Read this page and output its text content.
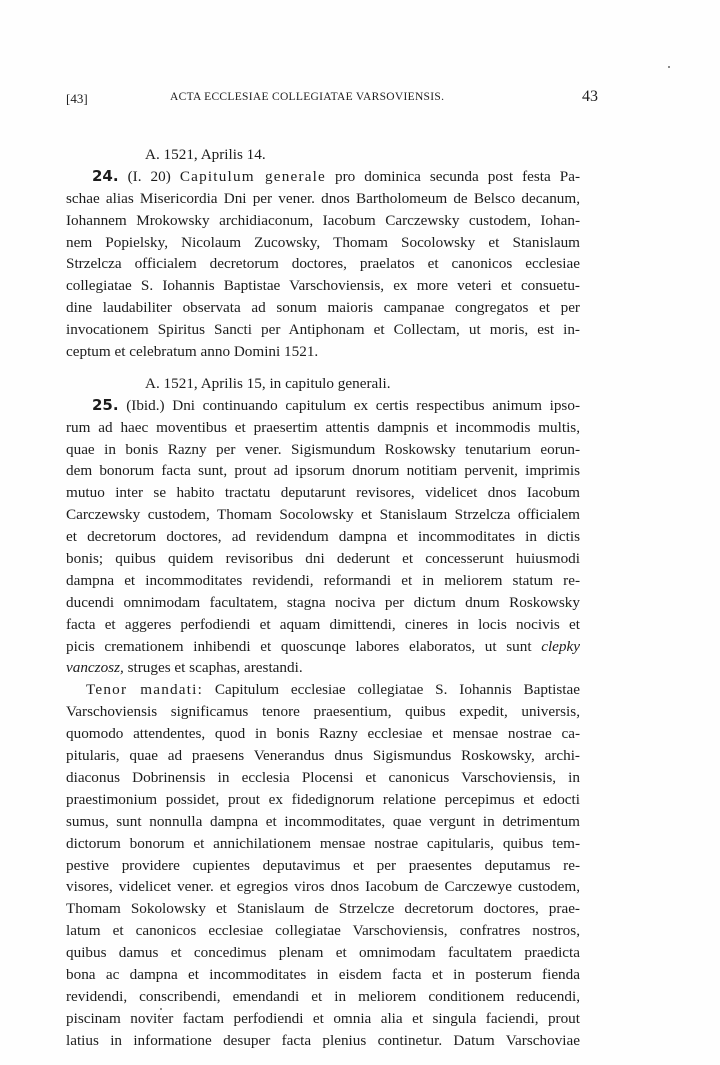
[43]	ACTA ECCLESIAE COLLEGIATAE VARSOVIENSIS.	43
A. 1521, Aprilis 14.
24. (I. 20) Capitulum generale pro dominica secunda post festa Pa-
schae alias Misericordia Dni per vener. dnos Bartholomeum de Belsco decanum,
Iohannem Mrokowsky archidiaconum, Iacobum Carczewsky custodem, Iohan-
nem Popielsky, Nicolaum Zucowsky, Thomam Socolowsky et Stanislaum
Strzelcza officialem decretorum doctores, praelatos et canonicos ecclesiae
collegiatae S. Iohannis Baptistae Varschoviensis, ex more veteri et consuetu-
dine laudabiliter observata ad sonum maioris campanae congregatos et per
invocationem Spiritus Sancti per Antiphonam et Collectam, ut moris, est in-
ceptum et celebratum anno Domini 1521.
A. 1521, Aprilis 15, in capitulo generali.
25. (Ibid.) Dni continuando capitulum ex certis respectibus animum ipso-
rum ad haec moventibus et praesertim attentis dampnis et incommodis multis,
quae in bonis Razny per vener. Sigismundum Roskowsky tenutarium eorun-
dem bonorum facta sunt, prout ad ipsorum dnorum notitiam pervenit, imprimis
mutuo inter se habito tractatu deputarunt revisores, videlicet dnos Iacobum
Carczewsky custodem, Thomam Socolowsky et Stanislaum Strzelcza officialem
et decretorum doctores, ad revidendum dampna et incommoditates in dictis
bonis; quibus quidem revisoribus dni dederunt et concesserunt huiusmodi
dampna et incommoditates revidendi, reformandi et in meliorem statum re-
ducendi omnimodam facultatem, stagna nociva per dictum dnum Roskowsky
facta et aggeres perfodiendi et aquam dimittendi, cineres in locis nocivis et
picis cremationem inhibendi et quoscunqe labores elaboratos, ut sunt clepky
vanczosz, struges et scaphas, arestandi.
Tenor mandati: Capitulum ecclesiae collegiatae S. Iohannis Baptistae
Varschoviensis significamus tenore praesentium, quibus expedit, universis,
quomodo attendentes, quod in bonis Razny ecclesiae et mensae nostrae ca-
pitularis, quae ad praesens Venerandus dnus Sigismundus Roskowsky, archi-
diaconus Dobrinensis in ecclesia Plocensi et canonicus Varschoviensis, in
praestimonium possidet, prout ex fidedignorum relatione percepimus et edocti
sumus, sunt nonnulla dampna et incommoditates, quae vergunt in detrimentum
dictorum bonorum et annichilationem mensae nostrae capitularis, quibus tem-
pestive providere cupientes deputavimus et per praesentes deputamus re-
visores, videlicet vener. et egregios viros dnos Iacobum de Carczewye custodem,
Thomam Sokolowsky et Stanislaum de Strzelcze decretorum doctores, prae-
latum et canonicos ecclesiae collegiatae Varschoviensis, confratres nostros,
quibus damus et concedimus plenam et omnimodam facultatem praedicta
bona ac dampna et incommoditates in eisdem facta et in posterum fienda
revidendi, conscribendi, emendandi et in meliorem conditionem reducendi,
piscinam noviter factam perfodiendi et omnia alia et singula faciendi, prout
latius in informatione desuper facta plenius continetur. Datum Varschoviae
